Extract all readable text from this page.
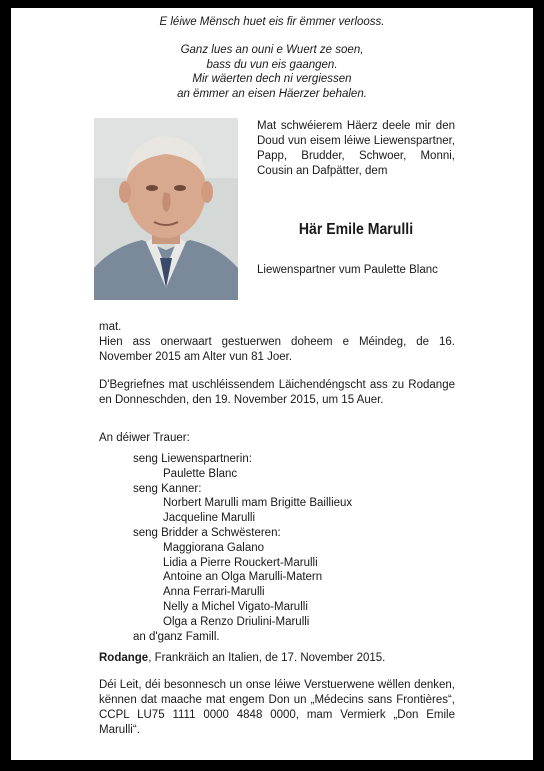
E léiwe Mënsch huet eis fir ëmmer verlooss.
Ganz lues an ouni e Wuert ze soen,
bass du vun eis gaangen.
Mir wäerten dech ni vergiessen
an ëmmer an eisen Häerzer behalen.
Mat schwéierem Häerz deele mir den Doud vun eisem léiwe Liewenspartner, Papp, Brudder, Schwoer, Monni, Cousin an Dafpätter, dem
Här Emile Marulli
Liewenspartner vum Paulette Blanc
mat.
Hien ass onerwaart gestuerwen doheem e Méindeg, de 16. November 2015 am Alter vun 81 Joer.
D'Begriefnes mat uschléissendem Läichendéngscht ass zu Rodange en Donneschden, den 19. November 2015, um 15 Auer.
An déiwer Trauer:
seng Liewenspartnerin:
Paulette Blanc
seng Kanner:
Norbert Marulli mam Brigitte Baillieux
Jacqueline Marulli
seng Bridder a Schwësteren:
Maggiorana Galano
Lidia a Pierre Rouckert-Marulli
Antoine an Olga Marulli-Matern
Anna Ferrari-Marulli
Nelly a Michel Vigato-Marulli
Olga a Renzo Driulini-Marulli
an d'ganz Famill.
Rodange, Frankräich an Italien, de 17. November 2015.
Déi Leit, déi besonnesch un onse léiwe Verstuerwene wëllen denken, kënnen dat maache mat engem Don un „Médecins sans Frontières“, CCPL LU75 1111 0000 4848 0000, mam Vermierk „Don Emile Marulli“.
